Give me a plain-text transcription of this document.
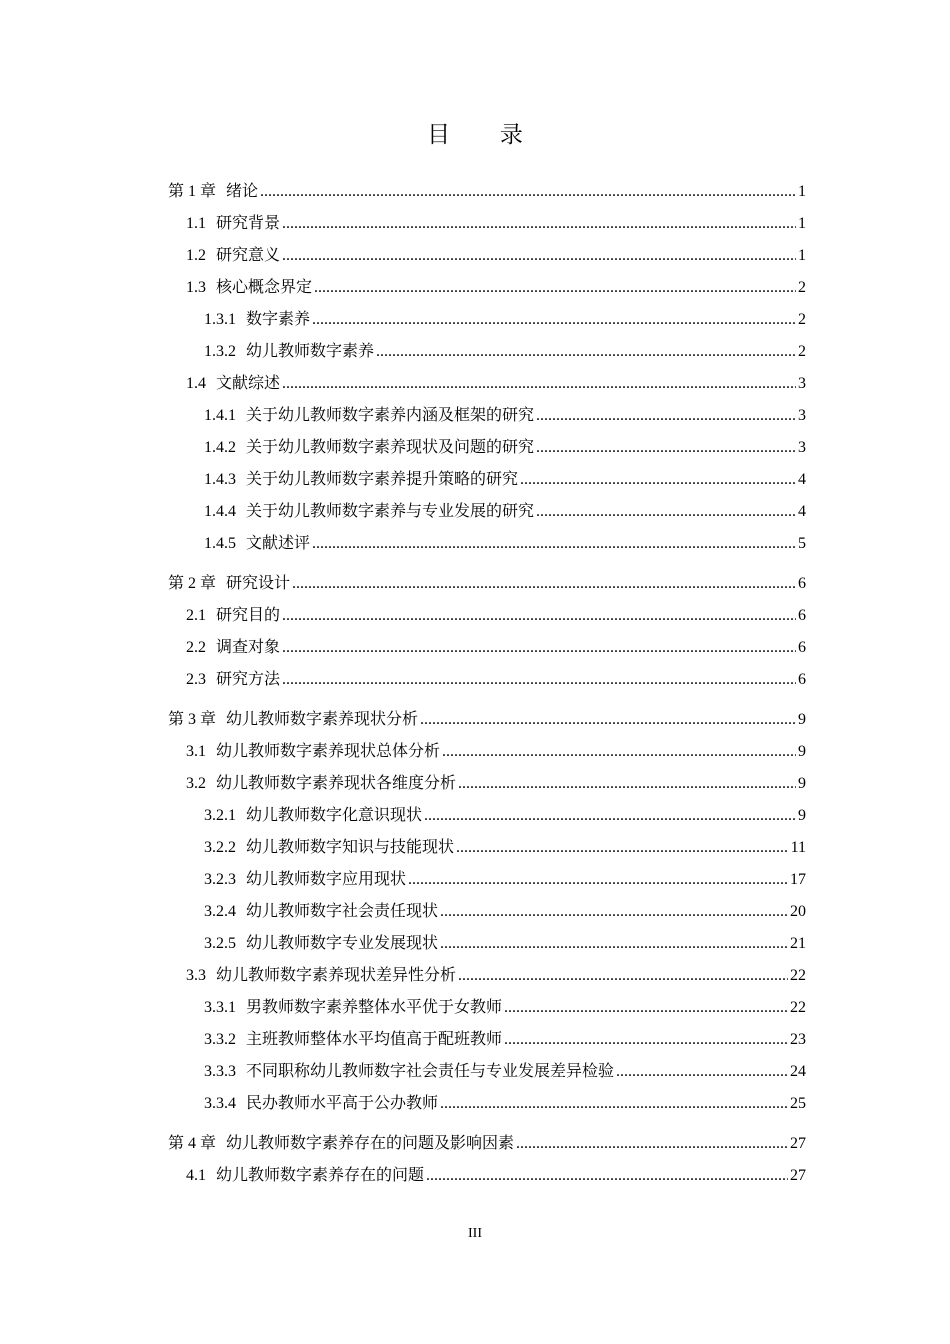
目 录
第 1 章 绪论 .....	1
1.1 研究背景 .....	1
1.2 研究意义 .....	1
1.3 核心概念界定 .....	2
1.3.1 数字素养 .....	2
1.3.2 幼儿教师数字素养 .....	2
1.4 文献综述 .....	3
1.4.1 关于幼儿教师数字素养内涵及框架的研究 .....	3
1.4.2 关于幼儿教师数字素养现状及问题的研究 .....	3
1.4.3 关于幼儿教师数字素养提升策略的研究 .....	4
1.4.4 关于幼儿教师数字素养与专业发展的研究 .....	4
1.4.5 文献述评 .....	5
第 2 章 研究设计 .....	6
2.1 研究目的 .....	6
2.2 调查对象 .....	6
2.3 研究方法 .....	6
第 3 章 幼儿教师数字素养现状分析 .....	9
3.1 幼儿教师数字素养现状总体分析 .....	9
3.2 幼儿教师数字素养现状各维度分析 .....	9
3.2.1 幼儿教师数字化意识现状 .....	9
3.2.2 幼儿教师数字知识与技能现状 .....	11
3.2.3 幼儿教师数字应用现状 .....	17
3.2.4 幼儿教师数字社会责任现状 .....	20
3.2.5 幼儿教师数字专业发展现状 .....	21
3.3 幼儿教师数字素养现状差异性分析 .....	22
3.3.1 男教师数字素养整体水平优于女教师 .....	22
3.3.2 主班教师整体水平均值高于配班教师 .....	23
3.3.3 不同职称幼儿教师数字社会责任与专业发展差异检验 .....	24
3.3.4 民办教师水平高于公办教师 .....	25
第 4 章 幼儿教师数字素养存在的问题及影响因素 .....	27
4.1 幼儿教师数字素养存在的问题 .....	27
III
